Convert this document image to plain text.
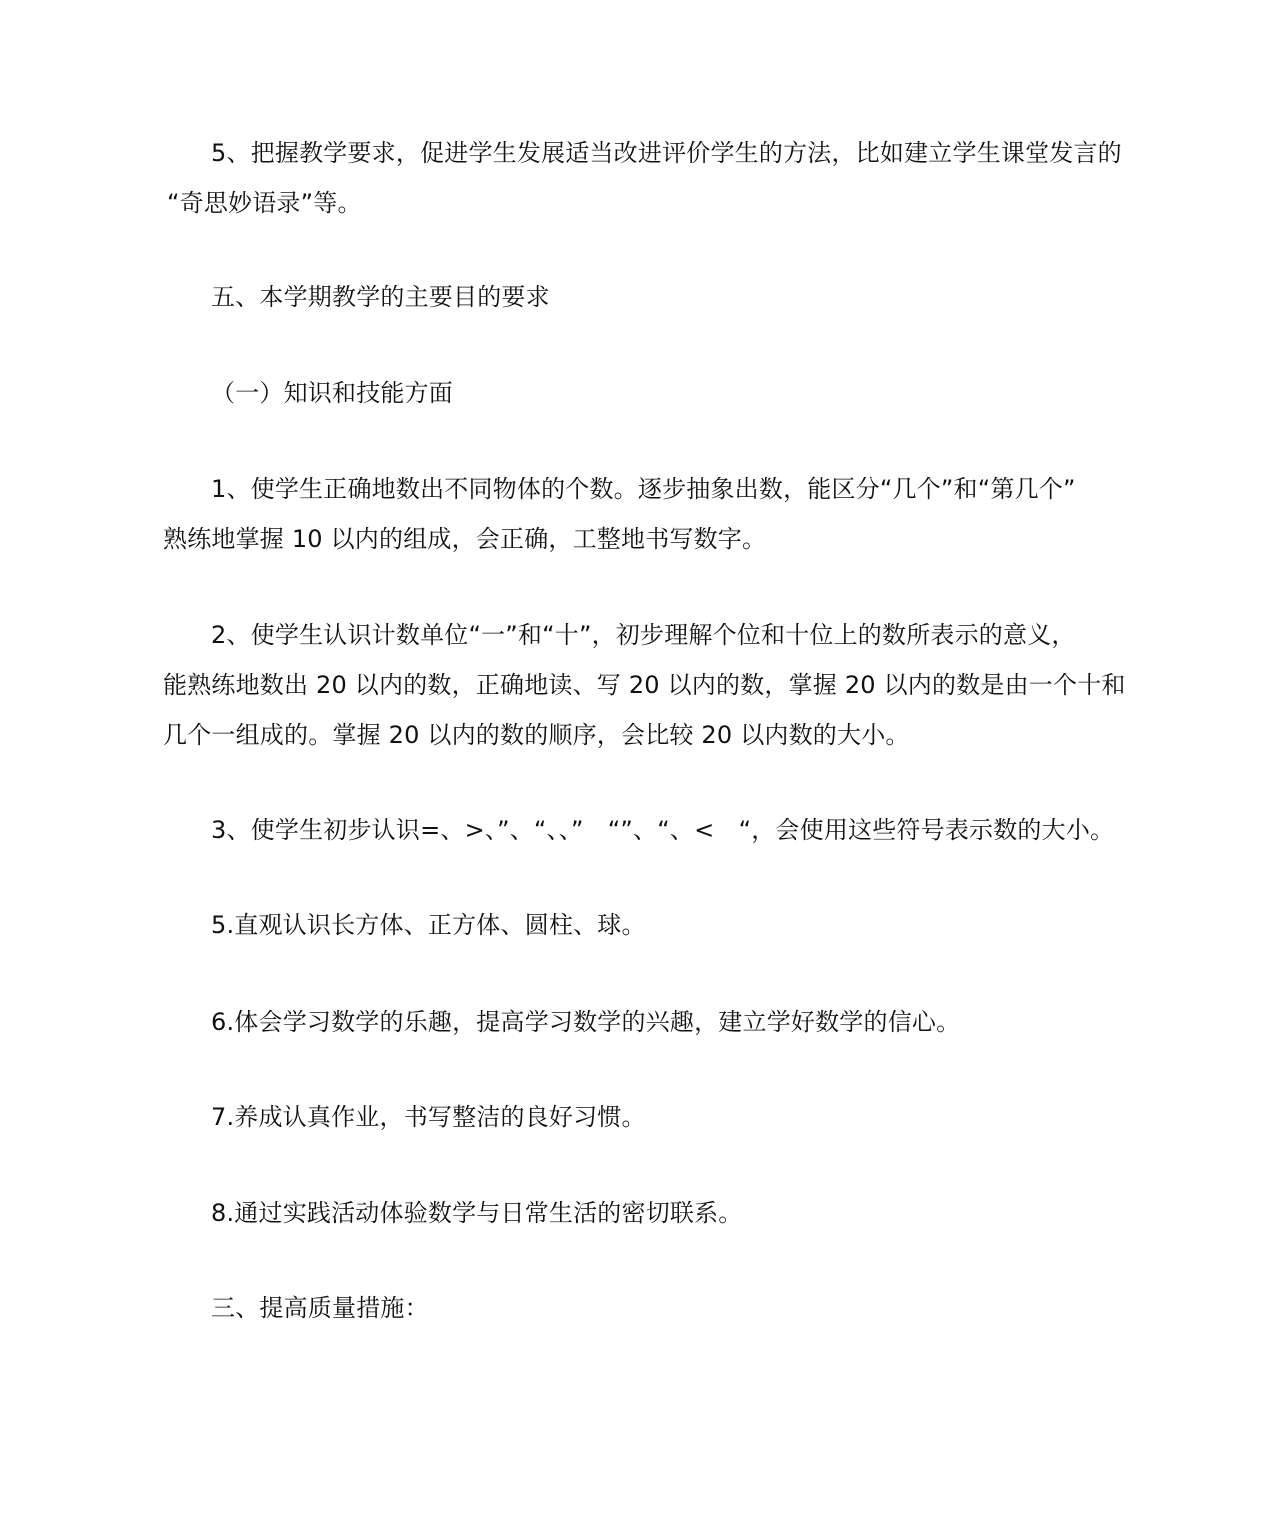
5、把握教学要求，促进学生发展适当改进评价学生的方法，比如建立学生课堂发言的
“奇思妙语录”等。
五、本学期教学的主要目的要求
（一）知识和技能方面
1、使学生正确地数出不同物体的个数。逐步抽象出数，能区分“几个”和“第几个”
熟练地掌握 10 以内的组成，会正确，工整地书写数字。
2、使学生认识计数单位“一”和“十”，初步理解个位和十位上的数所表示的意义，
能熟练地数出 20 以内的数，正确地读、写 20 以内的数，掌握 20 以内的数是由一个十和
几个一组成的。掌握 20 以内的数的顺序，会比较 20 以内数的大小。
3、使学生初步认识=、>、”、“、、”　“”、“、<　“，会使用这些符号表示数的大小。
5.直观认识长方体、正方体、圆柱、球。
6.体会学习数学的乐趣，提高学习数学的兴趣，建立学好数学的信心。
7.养成认真作业，书写整洁的良好习惯。
8.通过实践活动体验数学与日常生活的密切联系。
三、提高质量措施：
